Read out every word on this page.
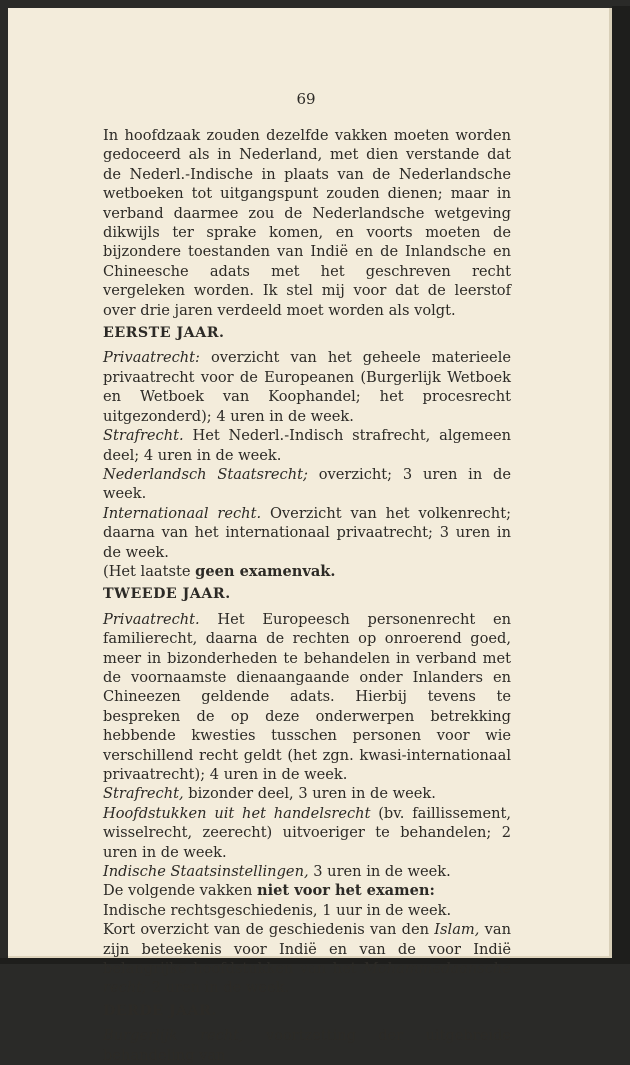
69

In hoofdzaak zouden dezelfde vakken moeten worden gedoceerd als in Nederland, met dien verstande dat de Nederl.-Indische in plaats van de Nederlandsche wetboeken tot uitgangspunt zouden dienen; maar in verband daarmee zou de Nederlandsche wetgeving dikwijls ter sprake komen, en voorts moeten de bijzondere toestanden van Indië en de Inlandsche en Chineesche adats met het geschreven recht vergeleken worden. Ik stel mij voor dat de leerstof over drie jaren verdeeld moet worden als volgt.

EERSTE JAAR.

Privaatrecht: overzicht van het geheele materieele privaatrecht voor de Europeanen (Burgerlijk Wetboek en Wetboek van Koophandel; het procesrecht uitgezonderd); 4 uren in de week.

Strafrecht. Het Nederl.-Indisch strafrecht, algemeen deel; 4 uren in de week.

Nederlandsch Staatsrecht; overzicht; 3 uren in de week.

Internationaal recht. Overzicht van het volkenrecht; daarna van het internationaal privaatrecht; 3 uren in de week.

(Het laatste geen examenvak.

TWEEDE JAAR.

Privaatrecht. Het Europeesch personenrecht en familierecht, daarna de rechten op onroerend goed, meer in bizonderheden te behandelen in verband met de voornaamste dienaangaande onder Inlanders en Chineezen geldende adats. Hierbij tevens te bespreken de op deze onderwerpen betrekking hebbende kwesties tusschen personen voor wie verschillend recht geldt (het zgn. kwasi-internationaal privaatrecht); 4 uren in de week.

Strafrecht, bizonder deel, 3 uren in de week.

Hoofdstukken uit het handelsrecht (bv. faillissement, wisselrecht, zeerecht) uitvoeriger te behandelen; 2 uren in de week.

Indische Staatsinstellingen, 3 uren in de week.

De volgende vakken niet voor het examen:

Indische rechtsgeschiedenis, 1 uur in de week.

Kort overzicht van de geschiedenis van den Islam, van zijn beteekenis voor Indië en van de voor Indië belangrijke hoofdstukken van het Mohammedaansche recht; 2 uren in de week.

DERDE JAAR.

Burgerlijk recht, voortzetting der uitgebreide behandeling van
